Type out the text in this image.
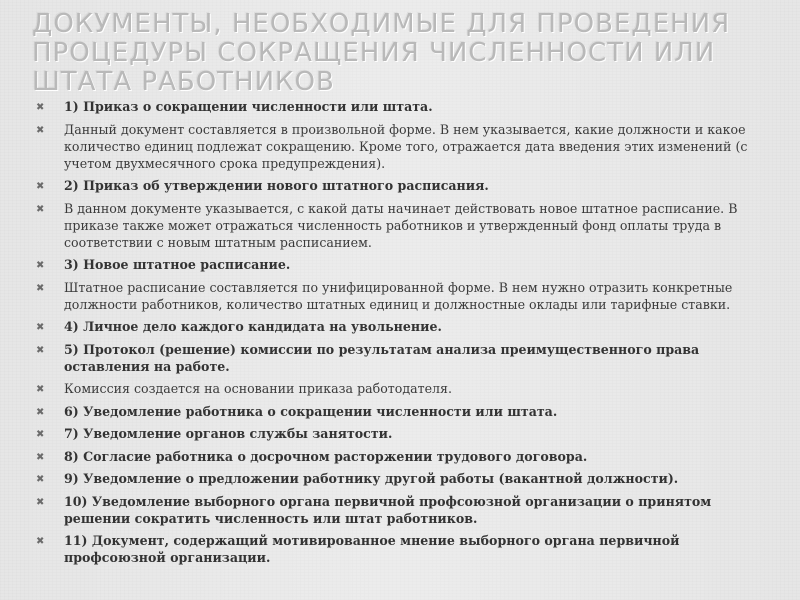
ДОКУМЕНТЫ, НЕОБХОДИМЫЕ ДЛЯ ПРОВЕДЕНИЯ ПРОЦЕДУРЫ СОКРАЩЕНИЯ ЧИСЛЕННОСТИ ИЛИ ШТАТА РАБОТНИКОВ
✖ 1) Приказ о сокращении численности или штата.
✖ Данный документ составляется в произвольной форме. В нем указывается, какие должности и какое количество единиц подлежат сокращению. Кроме того, отражается дата введения этих изменений (с учетом двухмесячного срока предупреждения).
✖ 2) Приказ об утверждении нового штатного расписания.
✖ В данном документе указывается, с какой даты начинает действовать новое штатное расписание. В приказе также может отражаться численность работников и утвержденный фонд оплаты труда в соответствии с новым штатным расписанием.
✖ 3) Новое штатное расписание.
✖ Штатное расписание составляется по унифицированной форме. В нем нужно отразить конкретные должности работников, количество штатных единиц и должностные оклады или тарифные ставки.
✖ 4) Личное дело каждого кандидата на увольнение.
✖ 5) Протокол (решение) комиссии по результатам анализа преимущественного права оставления на работе.
✖ Комиссия создается на основании приказа работодателя.
✖ 6) Уведомление работника о сокращении численности или штата.
✖ 7) Уведомление органов службы занятости.
✖ 8) Согласие работника о досрочном расторжении трудового договора.
✖ 9) Уведомление о предложении работнику другой работы (вакантной должности).
✖ 10) Уведомление выборного органа первичной профсоюзной организации о принятом решении сократить численность или штат работников.
✖ 11) Документ, содержащий мотивированное мнение выборного органа первичной профсоюзной организации.
